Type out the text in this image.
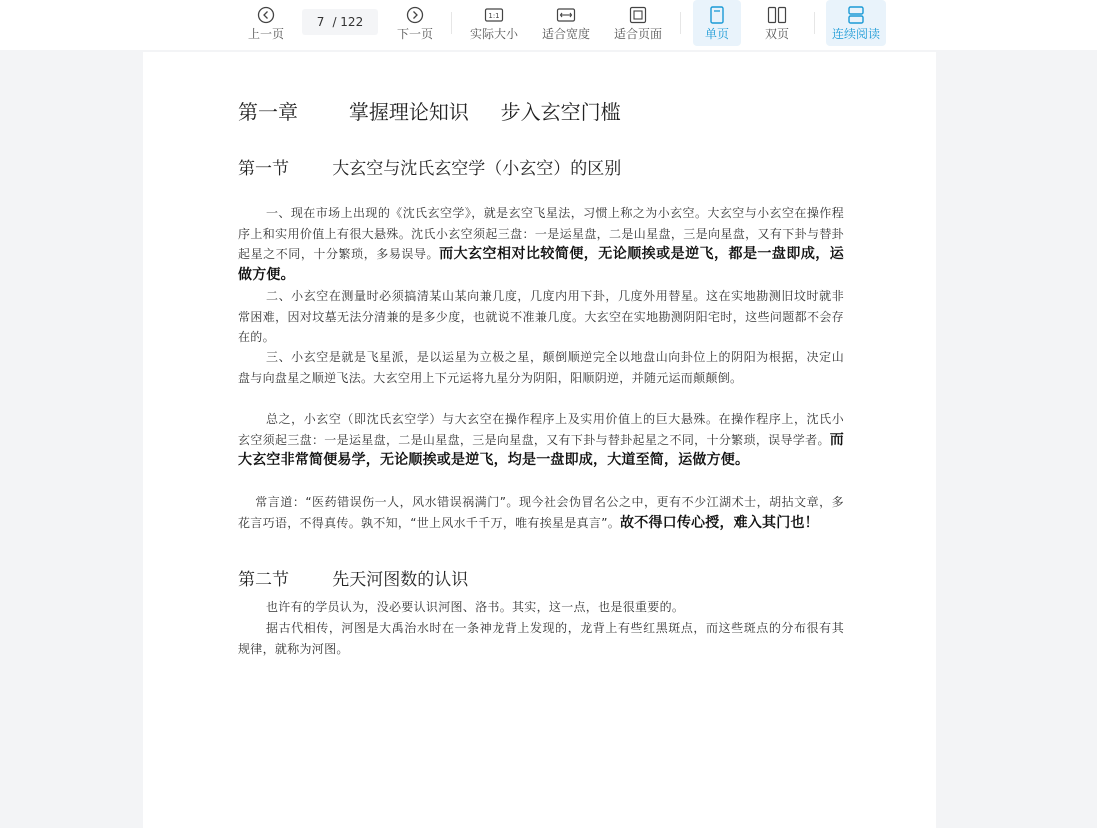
上一页
7 / 122
下一页
1:1
实际大小 适合宽度 适合页面	单页	双页	连续阅读
第一章        掌握理论知识     步入玄空门槛
第一节        大玄空与沈氏玄空学（小玄空）的区别
一、现在市场上出现的《沈氏玄空学》，就是玄空飞星法，习惯上称之为小玄空。大玄空与小玄空在操作程序上和实用价值上有很大悬殊。沈氏小玄空须起三盘：一是运星盘，二是山星盘，三是向星盘，又有下卦与替卦起星之不同，十分繁琐，多易误导。而大玄空相对比较简便，无论顺挨或是逆飞，都是一盘即成，运做方便。
二、小玄空在测量时必须搞清某山某向兼几度，几度内用下卦，几度外用替星。这在实地勘测旧坟时就非常困难，因对坟墓无法分清兼的是多少度，也就说不准兼几度。大玄空在实地勘测阴阳宅时，这些问题都不会存在的。
三、小玄空是就是飞星派，是以运星为立极之星，颠倒顺逆完全以地盘山向卦位上的阴阳为根据，决定山盘与向盘星之顺逆飞法。大玄空用上下元运将九星分为阴阳，阳顺阴逆，并随元运而颠颠倒。
总之，小玄空（即沈氏玄空学）与大玄空在操作程序上及实用价值上的巨大悬殊。在操作程序上，沈氏小玄空须起三盘：一是运星盘，二是山星盘，三是向星盘，又有下卦与替卦起星之不同，十分繁琐，误导学者。而大玄空非常简便易学，无论顺挨或是逆飞，均是一盘即成，大道至简，运做方便。
常言道：“医药错误伤一人，风水错误祸满门”。现今社会伪冒名公之中，更有不少江湖术士，胡拈文章，多花言巧语，不得真传。孰不知，“世上风水千千万，唯有挨星是真言”。故不得口传心授，难入其门也！
第二节        先天河图数的认识
也许有的学员认为，没必要认识河图、洛书。其实，这一点，也是很重要的。
据古代相传，河图是大禹治水时在一条神龙背上发现的，龙背上有些红黑斑点，而这些斑点的分布很有其规律，就称为河图。
